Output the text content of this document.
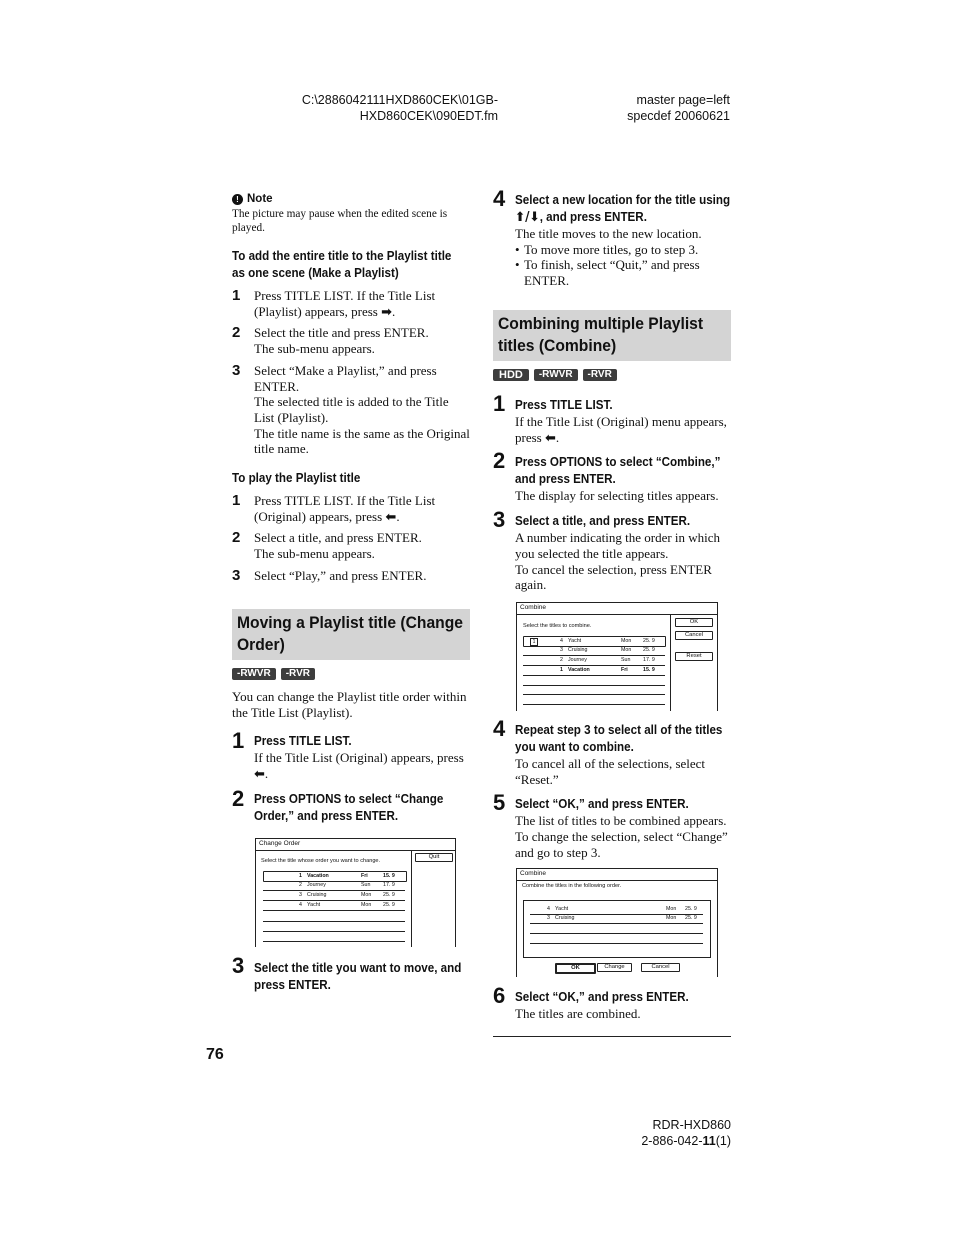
C:\2886042111HXD860CEK\01GB-
HXD860CEK\090EDT.fm
master page=left
specdef 20060621
! Note
The picture may pause when the edited scene is played.
To add the entire title to the Playlist title as one scene (Make a Playlist)
1	Press TITLE LIST. If the Title List (Playlist) appears, press ➡.
2	Select the title and press ENTER.
The sub-menu appears.
3	Select “Make a Playlist,” and press ENTER.
The selected title is added to the Title List (Playlist).
The title name is the same as the Original title name.
To play the Playlist title
1	Press TITLE LIST. If the Title List (Original) appears, press ⬅.
2	Select a title, and press ENTER.
The sub-menu appears.
3	Select “Play,” and press ENTER.
Moving a Playlist title (Change Order)
-RWVR	-RVR
You can change the Playlist title order within the Title List (Playlist).
1 Press TITLE LIST.
If the Title List (Original) appears, press ⬅.
2 Press OPTIONS to select “Change Order,” and press ENTER.
Change Order
Select the title whose order you want to change.
Quit
1 Vacation	Fri	15. 9
2 Journey	Sun 17. 9
3 Cruising	Mon 25. 9
4 Yacht	Mon 25. 9
3 Select the title you want to move, and press ENTER.
76
4 Select a new location for the title using ⬆/⬇, and press ENTER.
The title moves to the new location.
• To move more titles, go to step 3.
• To finish, select “Quit,” and press ENTER.
Combining multiple Playlist titles (Combine)
HDD	-RWVR	-RVR
1 Press TITLE LIST.
If the Title List (Original) menu appears, press ⬅.
2 Press OPTIONS to select “Combine,” and press ENTER.
The display for selecting titles appears.
3 Select a title, and press ENTER.
A number indicating the order in which you selected the title appears.
To cancel the selection, press ENTER again.
Combine
Select the titles to combine.
OK
Cancel
Reset
1	4 Yacht	Mon 25. 9
3 Cruising	Mon 25. 9
2 Journey	Sun 17. 9
1 Vacation	Fri	15. 9
4 Repeat step 3 to select all of the titles you want to combine.
To cancel all of the selections, select “Reset.”
5 Select “OK,” and press ENTER.
The list of titles to be combined appears. To change the selection, select “Change” and go to step 3.
Combine
Combine the titles in the following order.
4 Yacht	Mon 25. 9
3 Cruising	Mon 25. 9
OK	Change	Cancel
6 Select “OK,” and press ENTER.
The titles are combined.
RDR-HXD860
2-886-042-11(1)
